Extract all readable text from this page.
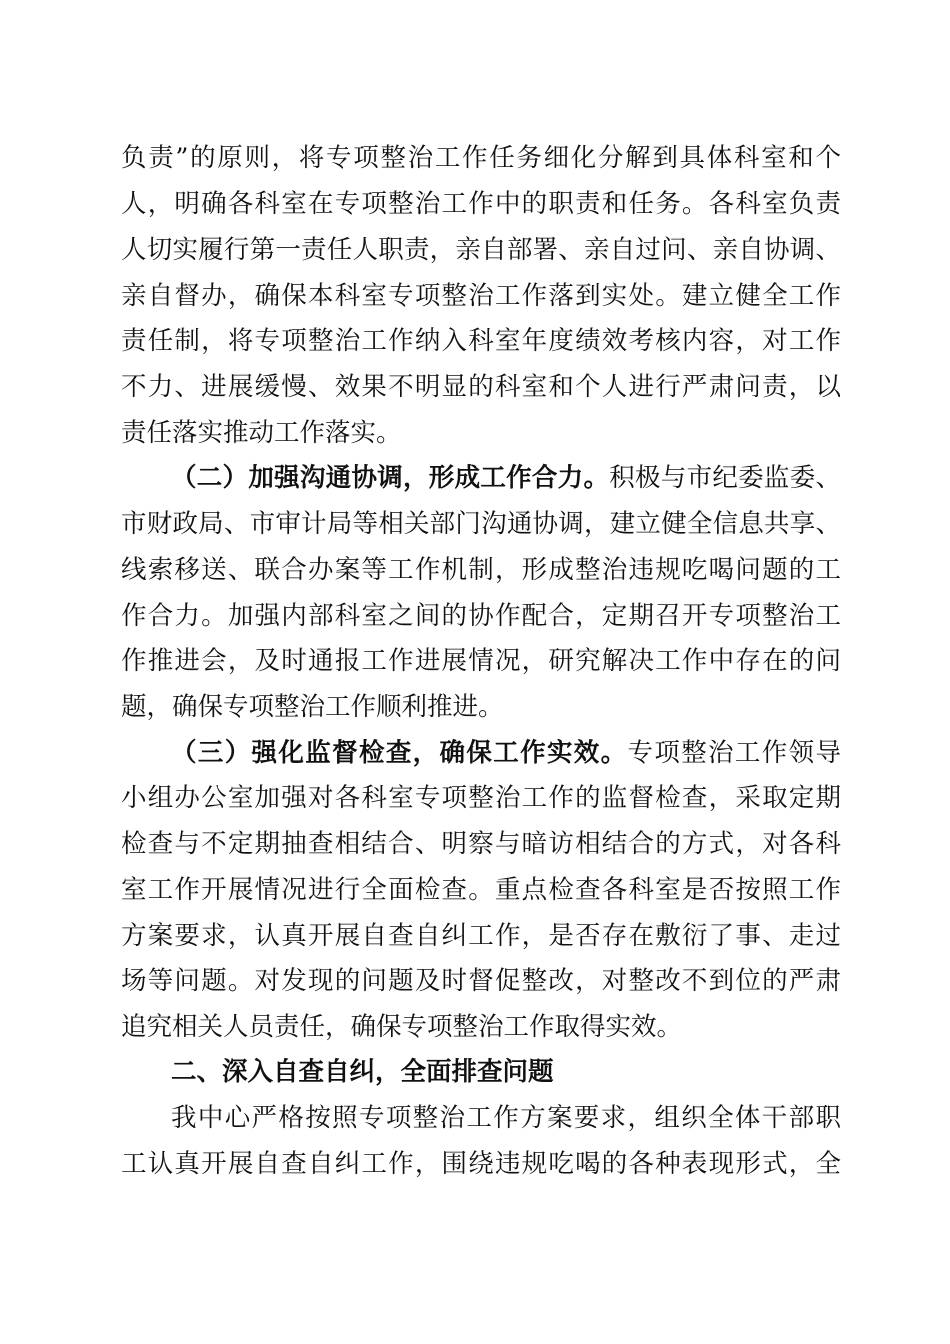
负责”的原则，将专项整治工作任务细化分解到具体科室和个
人，明确各科室在专项整治工作中的职责和任务。各科室负责
人切实履行第一责任人职责，亲自部署、亲自过问、亲自协调、
亲自督办，确保本科室专项整治工作落到实处。建立健全工作
责任制，将专项整治工作纳入科室年度绩效考核内容，对工作
不力、进展缓慢、效果不明显的科室和个人进行严肃问责，以
责任落实推动工作落实。
（二）加强沟通协调，形成工作合力。积极与市纪委监委、
市财政局、市审计局等相关部门沟通协调，建立健全信息共享、
线索移送、联合办案等工作机制，形成整治违规吃喝问题的工
作合力。加强内部科室之间的协作配合，定期召开专项整治工
作推进会，及时通报工作进展情况，研究解决工作中存在的问
题，确保专项整治工作顺利推进。
（三）强化监督检查，确保工作实效。专项整治工作领导
小组办公室加强对各科室专项整治工作的监督检查，采取定期
检查与不定期抽查相结合、明察与暗访相结合的方式，对各科
室工作开展情况进行全面检查。重点检查各科室是否按照工作
方案要求，认真开展自查自纠工作，是否存在敷衍了事、走过
场等问题。对发现的问题及时督促整改，对整改不到位的严肃
追究相关人员责任，确保专项整治工作取得实效。
二、深入自查自纠，全面排查问题
我中心严格按照专项整治工作方案要求，组织全体干部职
工认真开展自查自纠工作，围绕违规吃喝的各种表现形式，全
